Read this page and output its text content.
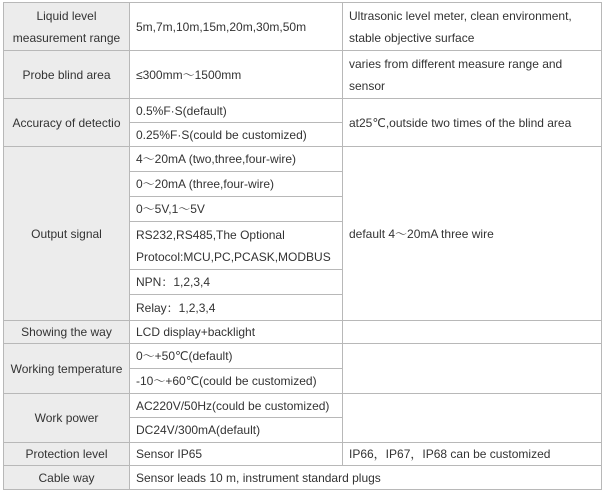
Liquid level
measurement range	5m,7m,10m,15m,20m,30m,50m	Ultrasonic level meter, clean environment,
stable objective surface

Probe blind area	≤300mm～1500mm	varies from different measure range and
sensor

Accuracy of detectio	0.5%F·S(default)	at25℃,outside two times of the blind area
	0.25%F·S(could be customized)	
Output signal	4～20mA (two,three,four-wire)	default 4～20mA three wire
	0～20mA (three,four-wire)	
	0～5V,1～5V	

	RS232,RS485,The Optional
Protocol:MCU,PC,PCASK,MODBUS	

	NPN：1,2,3,4	
	Relay：1,2,3,4	
Showing the way	LCD display+backlight	
Working temperature	0～+50℃(default)	
	-10～+60℃(could be customized)	
Work power	AC220V/50Hz(could be customized)	
	DC24V/300mA(default)	
Protection level	Sensor IP65	IP66，IP67，IP68 can be customized
Cable way	Sensor leads 10 m, instrument standard plugs	
